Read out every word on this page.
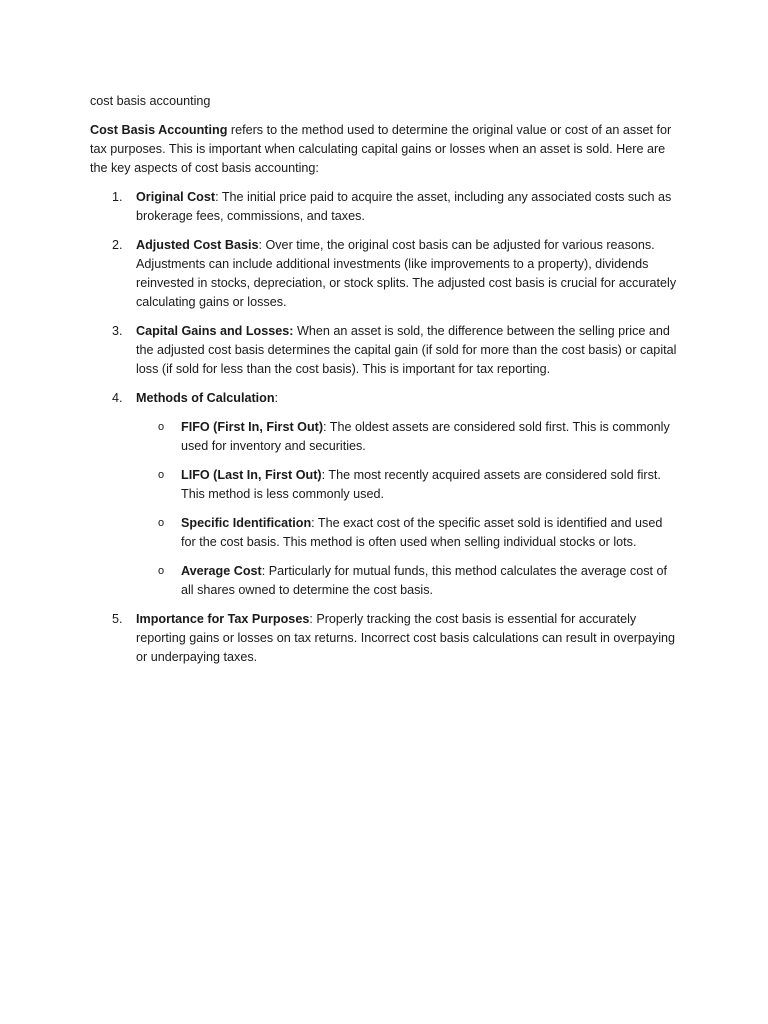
cost basis accounting

Cost Basis Accounting refers to the method used to determine the original value or cost of an asset for tax purposes. This is important when calculating capital gains or losses when an asset is sold. Here are the key aspects of cost basis accounting:

1. Original Cost: The initial price paid to acquire the asset, including any associated costs such as brokerage fees, commissions, and taxes.
2. Adjusted Cost Basis: Over time, the original cost basis can be adjusted for various reasons. Adjustments can include additional investments (like improvements to a property), dividends reinvested in stocks, depreciation, or stock splits. The adjusted cost basis is crucial for accurately calculating gains or losses.
3. Capital Gains and Losses: When an asset is sold, the difference between the selling price and the adjusted cost basis determines the capital gain (if sold for more than the cost basis) or capital loss (if sold for less than the cost basis). This is important for tax reporting.
4. Methods of Calculation:
o FIFO (First In, First Out): The oldest assets are considered sold first. This is commonly used for inventory and securities.
o LIFO (Last In, First Out): The most recently acquired assets are considered sold first. This method is less commonly used.
o Specific Identification: The exact cost of the specific asset sold is identified and used for the cost basis. This method is often used when selling individual stocks or lots.
o Average Cost: Particularly for mutual funds, this method calculates the average cost of all shares owned to determine the cost basis.
5. Importance for Tax Purposes: Properly tracking the cost basis is essential for accurately reporting gains or losses on tax returns. Incorrect cost basis calculations can result in overpaying or underpaying taxes.
